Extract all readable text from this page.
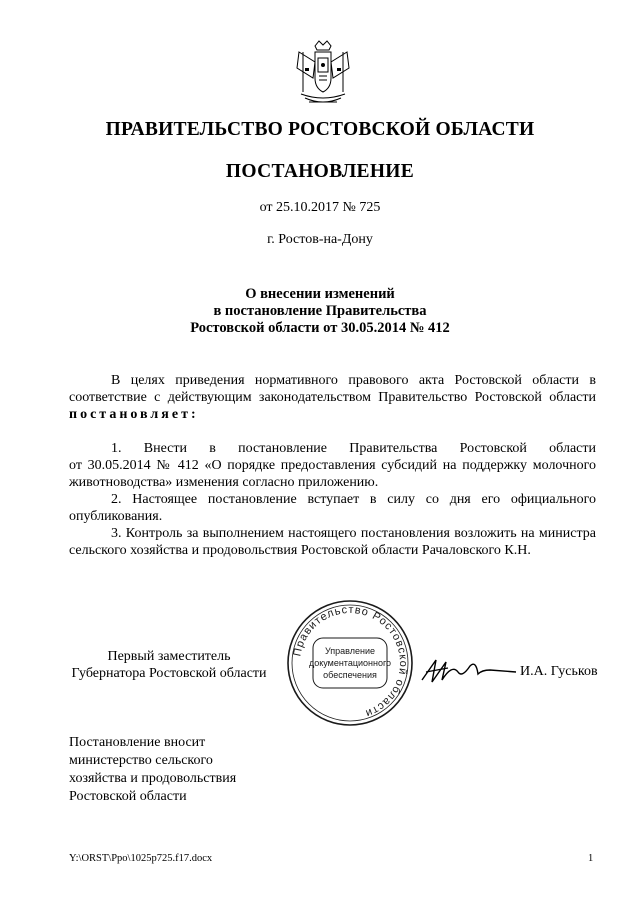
ПРАВИТЕЛЬСТВО РОСТОВСКОЙ ОБЛАСТИ
ПОСТАНОВЛЕНИЕ
от 25.10.2017 № 725
г. Ростов-на-Дону
О внесении изменений
в постановление Правительства
Ростовской области от 30.05.2014 № 412

В целях приведения нормативного правового акта Ростовской области в соответствие с действующим законодательством Правительство Ростовской области постановляет:

1. Внести в постановление Правительства Ростовской области

от 30.05.2014 № 412 «О порядке предоставления субсидий на поддержку молочного животноводства» изменения согласно приложению.

2. Настоящее постановление вступает в силу со дня его официального опубликования.

3. Контроль за выполнением настоящего постановления возложить на министра сельского хозяйства и продовольствия Ростовской области Рачаловского К.Н.

Первый заместитель
Губернатора Ростовской области
Правительство Ростовской области
Управление
документационного
обеспечения	И.А. Гуськов
Постановление вносит
министерство сельского
хозяйства и продовольствия
Ростовской области
Y:\ORST\Ppo\1025p725.f17.docx	1
